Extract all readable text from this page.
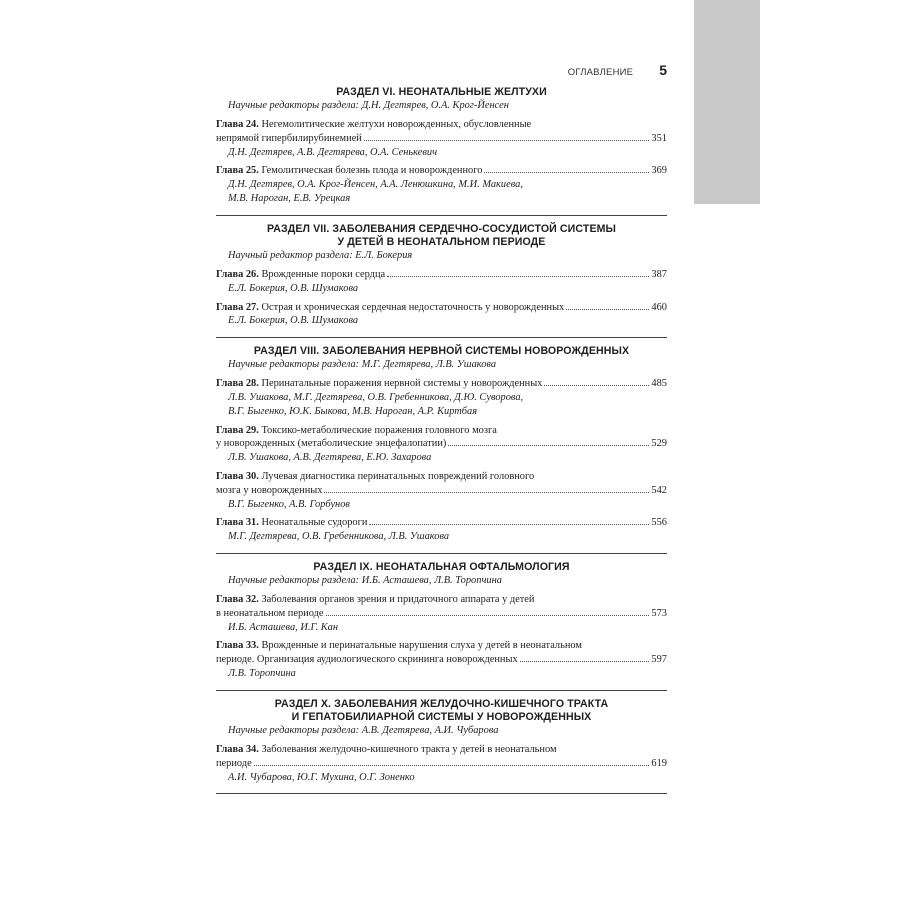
ОГЛАВЛЕНИЕ 5
РАЗДЕЛ VI. НЕОНАТАЛЬНЫЕ ЖЕЛТУХИ
Научные редакторы раздела: Д.Н. Дегтярев, О.А. Крог-Йенсен
Глава 24. Негемолитические желтухи новорожденных, обусловленные
непрямой гипербилирубинемией	351
Д.Н. Дегтярев, А.В. Дегтярева, О.А. Сенькевич
Глава 25. Гемолитическая болезнь плода и новорожденного	369
Д.Н. Дегтярев, О.А. Крог-Йенсен, А.А. Ленюшкина, М.И. Макиева,
М.В. Нароган, Е.В. Урецкая
РАЗДЕЛ VII. ЗАБОЛЕВАНИЯ СЕРДЕЧНО-СОСУДИСТОЙ СИСТЕМЫ
У ДЕТЕЙ В НЕОНАТАЛЬНОМ ПЕРИОДЕ
Научный редактор раздела: Е.Л. Бокерия
Глава 26. Врожденные пороки сердца	387
Е.Л. Бокерия, О.В. Шумакова
Глава 27. Острая и хроническая сердечная недостаточность у новорожденных	460
Е.Л. Бокерия, О.В. Шумакова
РАЗДЕЛ VIII. ЗАБОЛЕВАНИЯ НЕРВНОЙ СИСТЕМЫ НОВОРОЖДЕННЫХ
Научные редакторы раздела: М.Г. Дегтярева, Л.В. Ушакова
Глава 28. Перинатальные поражения нервной системы у новорожденных	485
Л.В. Ушакова, М.Г. Дегтярева, О.В. Гребенникова, Д.Ю. Суворова,
В.Г. Быгенко, Ю.К. Быкова, М.В. Нароган, А.Р. Киртбая
Глава 29. Токсико-метаболические поражения головного мозга
у новорожденных (метаболические энцефалопатии)	529
Л.В. Ушакова, А.В. Дегтярева, Е.Ю. Захарова
Глава 30. Лучевая диагностика перинатальных повреждений головного
мозга у новорожденных	542
В.Г. Быгенко, А.В. Горбунов
Глава 31. Неонатальные судороги	556
М.Г. Дегтярева, О.В. Гребенникова, Л.В. Ушакова
РАЗДЕЛ IX. НЕОНАТАЛЬНАЯ ОФТАЛЬМОЛОГИЯ
Научные редакторы раздела: И.Б. Асташева, Л.В. Торопчина
Глава 32. Заболевания органов зрения и придаточного аппарата у детей
в неонатальном периоде	573
И.Б. Асташева, И.Г. Кан
Глава 33. Врожденные и перинатальные нарушения слуха у детей в неонатальном
периоде. Организация аудиологического скрининга новорожденных	597
Л.В. Торопчина
РАЗДЕЛ X. ЗАБОЛЕВАНИЯ ЖЕЛУДОЧНО-КИШЕЧНОГО ТРАКТА
И ГЕПАТОБИЛИАРНОЙ СИСТЕМЫ У НОВОРОЖДЕННЫХ
Научные редакторы раздела: А.В. Дегтярева, А.И. Чубарова
Глава 34. Заболевания желудочно-кишечного тракта у детей в неонатальном
периоде	619
А.И. Чубарова, Ю.Г. Мухина, О.Г. Зоненко
